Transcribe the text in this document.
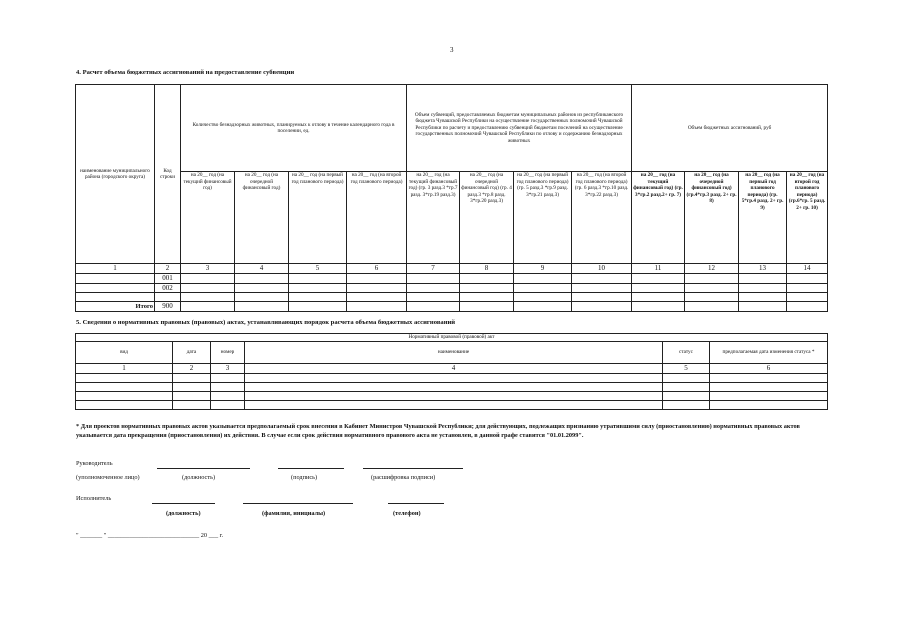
3
4. Расчет объема бюджетных ассигнований на предоставление субвенции
наименование муниципального района (городского округа)	Код строки	Количество безнадзорных животных, планируемых к отлову в течение календарного года в поселении, ед.				Объем субвенций, предоставляемых бюджетам муниципальных районов из республиканского бюджета Чувашской Республики на осуществление государственных полномочий Чувашской Республики по расчету и предоставлению субвенций бюджетам поселений на осуществление государственных полномочий Чувашской Республики по отлову и содержанию безнадзорных животных				Объем бюджетных ассигнований, руб			
		на 20__ год (на текущий финансовый год)	на 20__ год (на очередной финансовый год)	на 20__ год (на первый год планового периода)	на 20__ год (на второй год планового периода)	на 20__ год (на текущий финансовый год) (гр. 3 разд.3 *гр.7 разд. 3*гр.19 разд.3)	на 20__ год (на очередной финансовый год) (гр. 4 разд.3 *гр.8 разд. 3*гр.20 разд.3)	на 20__ год (на первый год планового периода)(гр. 5 разд.3 *гр.9 разд. 3*гр.21 разд.3)	на 20__ год (на второй год планового периода)(гр. 6 разд.3 *гр.10 разд. 3*гр.22 разд.3)	на 20__ год (на текущий финансовый год) (гр. 3*гр.2 разд.2+ гр. 7)	на 20__ год (на очередной финансовый год) (гр.4*гр.3 разд. 2+ гр. 8)	на 20__ год (на первый год планового периода) (гр. 5*гр.4 разд. 2+ гр. 9)	на 20__ год (на второй год планового периода) (гр.6*гр. 5 разд. 2+ гр. 10)
1	2	3	4	5	6	7	8	9	10	11	12	13	14
	001												
	002												

Итого	900												
5. Сведения о нормативных правовых (правовых) актах, устанавливающих порядок расчета объема бюджетных ассигнований
Нормативный правовой (правовой) акт					
вид	дата	номер	наименование	статус	предполагаемая дата изменения статуса *
1	2	3	4	5	6

* Для проектов нормативных правовых актов указывается предполагаемый срок внесения в Кабинет Министров Чувашской Республики; для действующих, подлежащих признанию утратившими силу (приостановлению) нормативных правовых актов указывается дата прекращения (приостановления) их действия. В случае если срок действия нормативного правового акта не установлен, в данной графе ставится "01.01.2099".
Руководитель
(уполномоченное лицо)	(должность)	(подпись)	(расшифровка подписи)
Исполнитель
(должность)	(фамилия, инициалы)	(телефон)
" _______ " _____________________________ 20 ___ г.
